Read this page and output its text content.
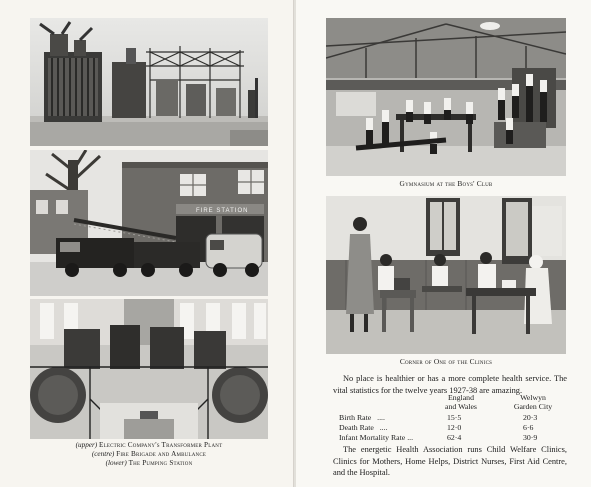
FIRE STATION
(upper) Electric Company's Transformer Plant
(centre) Fire Brigade and Ambulance
(lower) The Pumping Station
Gymnasium at the Boys' Club
Corner of One of the Clinics
No place is healthier or has a more complete health service. The vital statistics for the twelve years 1927-38 are amazing.
England
and Wales
Welwyn
Garden City
Birth Rate ....	15·5	20·3
Death Rate ....	12·0	6·6
Infant Mortality Rate ...	62·4	30·9
The energetic Health Association runs Child Welfare Clinics, Clinics for Mothers, Home Helps, District Nurses, First Aid Centre, and the Hospital.
